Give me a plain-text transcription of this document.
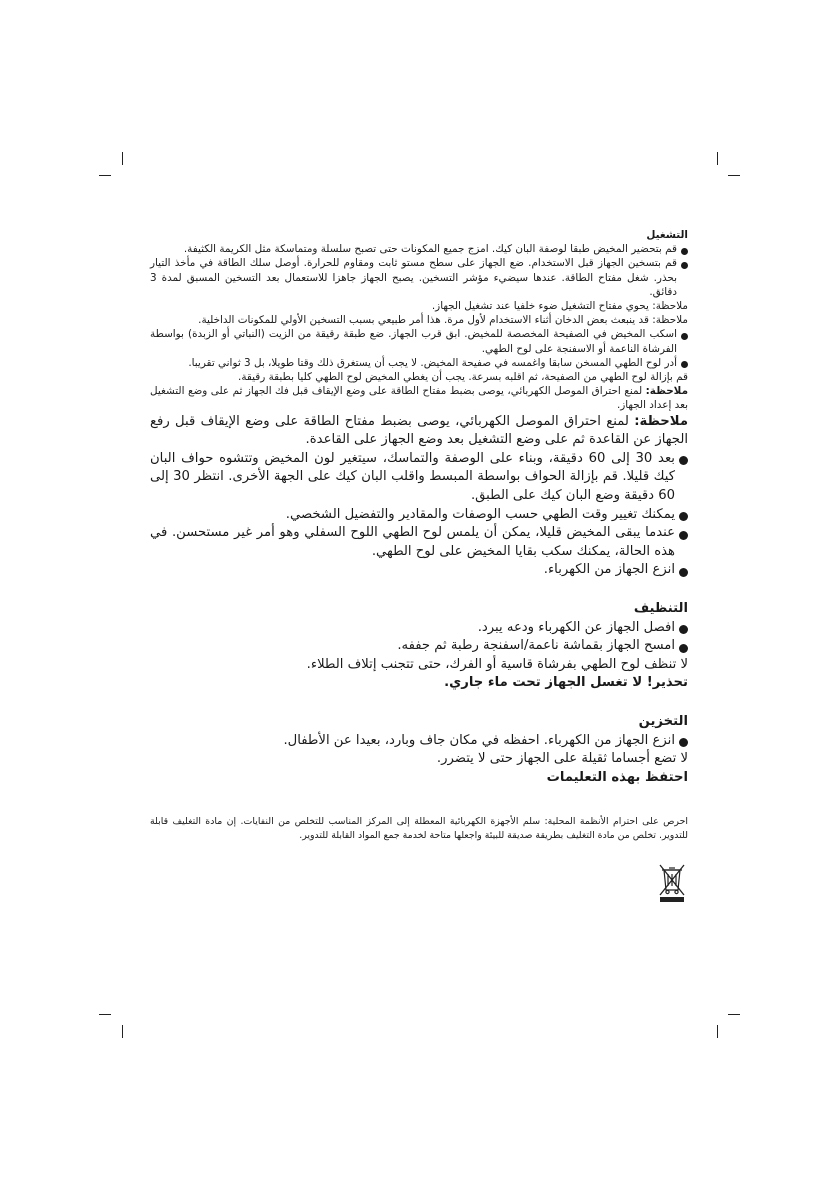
التشغيل

قم بتحضير المخيض طبقا لوصفة البان كيك. امزج جميع المكونات حتى تصبح سلسلة ومتماسكة مثل الكريمة الكثيفة.

قم بتسخين الجهاز قبل الاستخدام. ضع الجهاز على سطح مستو ثابت ومقاوم للحرارة. أوصل سلك الطاقة في مأخذ التيار بحذر. شغل مفتاح الطاقة. عندها سيضيء مؤشر التسخين. يصبح الجهاز جاهزا للاستعمال بعد التسخين المسبق لمدة 3 دقائق.

ملاحظة: يحوي مفتاح التشغيل ضوء خلفيا عند تشغيل الجهاز.

ملاحظة: قد ينبعث بعض الدخان أثناء الاستخدام لأول مرة. هذا أمر طبيعي بسبب التسخين الأولي للمكونات الداخلية.

اسكب المخيض في الصفيحة المخصصة للمخيض. ابق قرب الجهاز. ضع طبقة رقيقة من الزيت (النباتي أو الزبدة) بواسطة الفرشاة الناعمة أو الاسفنجة على لوح الطهي.

أدر لوح الطهي المسخن سابقا واغمسه في صفيحة المخيض. لا يجب أن يستغرق ذلك وقتا طويلا، بل 3 ثواني تقريبا.

قم بإزالة لوح الطهي من الصفيحة، ثم اقلبه بسرعة. يجب أن يغطي المخيض لوح الطهي كليا بطبقة رقيقة.

ملاحظة: لمنع احتراق الموصل الكهربائي، يوصى بضبط مفتاح الطاقة على وضع الإيقاف قبل فك الجهاز ثم على وضع التشغيل بعد إعداد الجهاز.

ملاحظة: لمنع احتراق الموصل الكهربائي، يوصى بضبط مفتاح الطاقة على وضع الإيقاف قبل رفع الجهاز عن القاعدة ثم على وضع التشغيل بعد وضع الجهاز على القاعدة.

بعد 30 إلى 60 دقيقة، وبناء على الوصفة والتماسك، سيتغير لون المخيض وتتشوه حواف البان كيك قليلا. قم بإزالة الحواف بواسطة المبسط واقلب البان كيك على الجهة الأخرى. انتظر 30 إلى 60 دقيقة وضع البان كيك على الطبق.

يمكنك تغيير وقت الطهي حسب الوصفات والمقادير والتفضيل الشخصي.

عندما يبقى المخيض قليلا، يمكن أن يلمس لوح الطهي اللوح السفلي وهو أمر غير مستحسن. في هذه الحالة، يمكنك سكب بقايا المخيض على لوح الطهي.

انزع الجهاز من الكهرباء.

التنظيف

افصل الجهاز عن الكهرباء ودعه يبرد.

امسح الجهاز بقماشة ناعمة/اسفنجة رطبة ثم جففه.

لا تنظف لوح الطهي بفرشاة قاسية أو الفرك، حتى تتجنب إتلاف الطلاء.

تحذير! لا تغسل الجهاز تحت ماء جاري.

التخزين

انزع الجهاز من الكهرباء. احفظه في مكان جاف وبارد، بعيدا عن الأطفال.

لا تضع أجساما ثقيلة على الجهاز حتى لا يتضرر.

احتفظ بهذه التعليمات

احرص على احترام الأنظمة المحلية: سلم الأجهزة الكهربائية المعطلة إلى المركز المناسب للتخلص من النفايات. إن مادة التغليف قابلة للتدوير. تخلص من مادة التغليف بطريقة صديقة للبيئة واجعلها متاحة لخدمة جمع المواد القابلة للتدوير.
